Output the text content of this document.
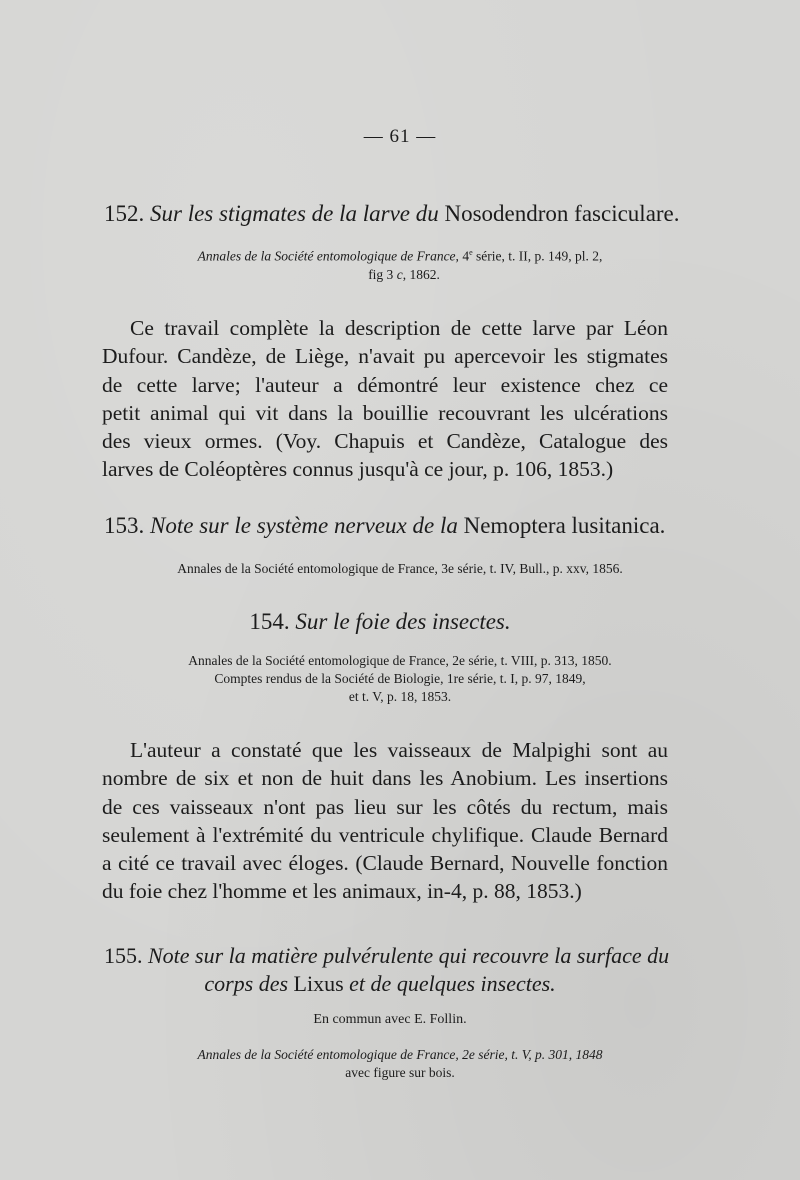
— 61 —
152. Sur les stigmates de la larve du Nosodendron fasciculare.
Annales de la Société entomologique de France, 4e série, t. II, p. 149, pl. 2,
fig 3 c, 1862.
Ce travail complète la description de cette larve par Léon
Dufour. Candèze, de Liège, n'avait pu apercevoir les stigmates
de cette larve; l'auteur a démontré leur existence chez ce
petit animal qui vit dans la bouillie recouvrant les ulcérations
des vieux ormes. (Voy. Chapuis et Candèze, Catalogue des
larves de Coléoptères connus jusqu'à ce jour, p. 106, 1853.)
153. Note sur le système nerveux de la Nemoptera lusitanica.
Annales de la Société entomologique de France, 3e série, t. IV, Bull., p. xxv, 1856.
154. Sur le foie des insectes.
Annales de la Société entomologique de France, 2e série, t. VIII, p. 313, 1850.
Comptes rendus de la Société de Biologie, 1re série, t. I, p. 97, 1849,
et t. V, p. 18, 1853.
L'auteur a constaté que les vaisseaux de Malpighi sont au
nombre de six et non de huit dans les Anobium. Les insertions
de ces vaisseaux n'ont pas lieu sur les côtés du rectum, mais
seulement à l'extrémité du ventricule chylifique. Claude Bernard
a cité ce travail avec éloges. (Claude Bernard, Nouvelle fonction
du foie chez l'homme et les animaux, in-4, p. 88, 1853.)
155. Note sur la matière pulvérulente qui recouvre la surface du
corps des Lixus et de quelques insectes.
En commun avec E. Follin.
Annales de la Société entomologique de France, 2e série, t. V, p. 301, 1848
avec figure sur bois.
